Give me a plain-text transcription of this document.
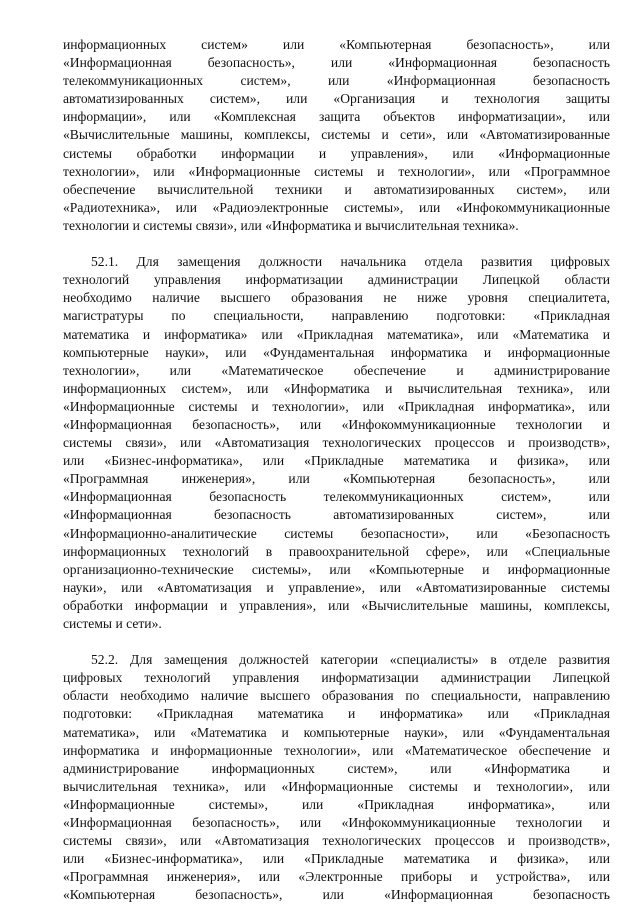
информационных систем» или «Компьютерная безопасность», или
«Информационная безопасность», или «Информационная безопасность
телекоммуникационных систем», или «Информационная безопасность
автоматизированных систем», или «Организация и технология защиты
информации», или «Комплексная защита объектов информатизации», или
«Вычислительные машины, комплексы, системы и сети», или «Автоматизированные
системы обработки информации и управления», или «Информационные
технологии», или «Информационные системы и технологии», или «Программное
обеспечение вычислительной техники и автоматизированных систем», или
«Радиотехника», или «Радиоэлектронные системы», или «Инфокоммуникационные
технологии и системы связи», или «Информатика и вычислительная техника».
52.1. Для замещения должности начальника отдела развития цифровых
технологий управления информатизации администрации Липецкой области
необходимо наличие высшего образования не ниже уровня специалитета,
магистратуры по специальности, направлению подготовки: «Прикладная
математика и информатика» или «Прикладная математика», или «Математика и
компьютерные науки», или «Фундаментальная информатика и информационные
технологии», или «Математическое обеспечение и администрирование
информационных систем», или «Информатика и вычислительная техника», или
«Информационные системы и технологии», или «Прикладная информатика», или
«Информационная безопасность», или «Инфокоммуникационные технологии и
системы связи», или «Автоматизация технологических процессов и производств»,
или «Бизнес-информатика», или «Прикладные математика и физика», или
«Программная инженерия», или «Компьютерная безопасность», или
«Информационная безопасность телекоммуникационных систем», или
«Информационная безопасность автоматизированных систем», или
«Информационно-аналитические системы безопасности», или «Безопасность
информационных технологий в правоохранительной сфере», или «Специальные
организационно-технические системы», или «Компьютерные и информационные
науки», или «Автоматизация и управление», или «Автоматизированные системы
обработки информации и управления», или «Вычислительные машины, комплексы,
системы и сети».
52.2. Для замещения должностей категории «специалисты» в отделе развития
цифровых технологий управления информатизации администрации Липецкой
области необходимо наличие высшего образования по специальности, направлению
подготовки: «Прикладная математика и информатика» или «Прикладная
математика», или «Математика и компьютерные науки», или «Фундаментальная
информатика и информационные технологии», или «Математическое обеспечение и
администрирование информационных систем», или «Информатика и
вычислительная техника», или «Информационные системы и технологии», или
«Информационные системы», или «Прикладная информатика», или
«Информационная безопасность», или «Инфокоммуникационные технологии и
системы связи», или «Автоматизация технологических процессов и производств»,
или «Бизнес-информатика», или «Прикладные математика и физика», или
«Программная инженерия», или «Электронные приборы и устройства», или
«Компьютерная безопасность», или «Информационная безопасность
